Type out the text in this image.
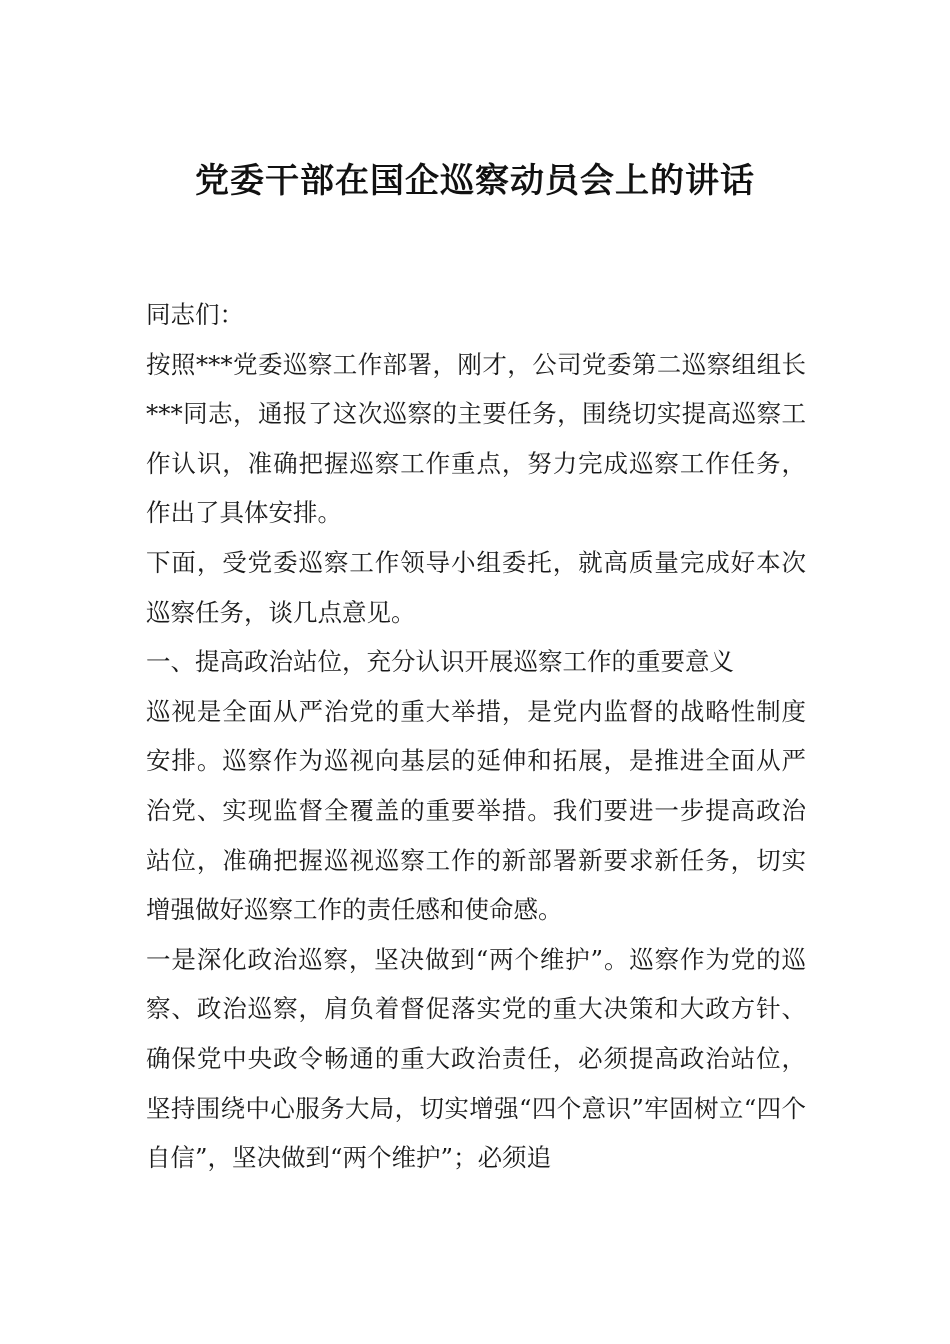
党委干部在国企巡察动员会上的讲话

同志们：

按照***党委巡察工作部署，刚才，公司党委第二巡察组组长***同志，通报了这次巡察的主要任务，围绕切实提高巡察工作认识，准确把握巡察工作重点，努力完成巡察工作任务，作出了具体安排。

下面，受党委巡察工作领导小组委托，就高质量完成好本次巡察任务，谈几点意见。

一、提高政治站位，充分认识开展巡察工作的重要意义

巡视是全面从严治党的重大举措，是党内监督的战略性制度安排。巡察作为巡视向基层的延伸和拓展，是推进全面从严治党、实现监督全覆盖的重要举措。我们要进一步提高政治站位，准确把握巡视巡察工作的新部署新要求新任务，切实增强做好巡察工作的责任感和使命感。

一是深化政治巡察，坚决做到“两个维护”。巡察作为党的巡察、政治巡察，肩负着督促落实党的重大决策和大政方针、确保党中央政令畅通的重大政治责任，必须提高政治站位，坚持围绕中心服务大局，切实增强“四个意识”牢固树立“四个自信”，坚决做到“两个维护”；必须追
